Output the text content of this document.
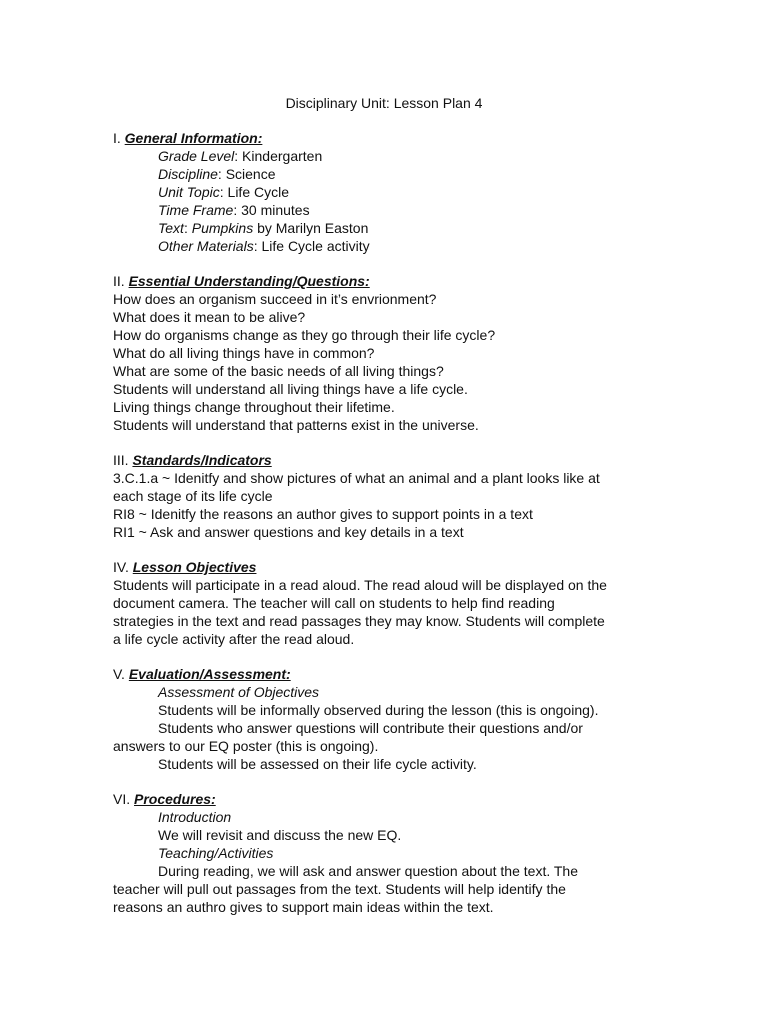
Disciplinary Unit: Lesson Plan 4
I. General Information:
Grade Level: Kindergarten
Discipline: Science
Unit Topic: Life Cycle
Time Frame: 30 minutes
Text: Pumpkins by Marilyn Easton
Other Materials: Life Cycle activity
II. Essential Understanding/Questions:
How does an organism succeed in it’s envrionment?
What does it mean to be alive?
How do organisms change as they go through their life cycle?
What do all living things have in common?
What are some of the basic needs of all living things?
Students will understand all living things have a life cycle.
Living things change throughout their lifetime.
Students will understand that patterns exist in the universe.
III. Standards/Indicators
3.C.1.a ~ Idenitfy and show pictures of what an animal and a plant looks like at
each stage of its life cycle
RI8 ~ Idenitfy the reasons an author gives to support points in a text
RI1 ~ Ask and answer questions and key details in a text
IV. Lesson Objectives
Students will participate in a read aloud. The read aloud will be displayed on the
document camera. The teacher will call on students to help find reading
strategies in the text and read passages they may know. Students will complete
a life cycle activity after the read aloud.
V. Evaluation/Assessment:
Assessment of Objectives
Students will be informally observed during the lesson (this is ongoing).
Students who answer questions will contribute their questions and/or
answers to our EQ poster (this is ongoing).
Students will be assessed on their life cycle activity.
VI. Procedures:
Introduction
We will revisit and discuss the new EQ.
Teaching/Activities
During reading, we will ask and answer question about the text. The
teacher will pull out passages from the text. Students will help identify the
reasons an authro gives to support main ideas within the text.
